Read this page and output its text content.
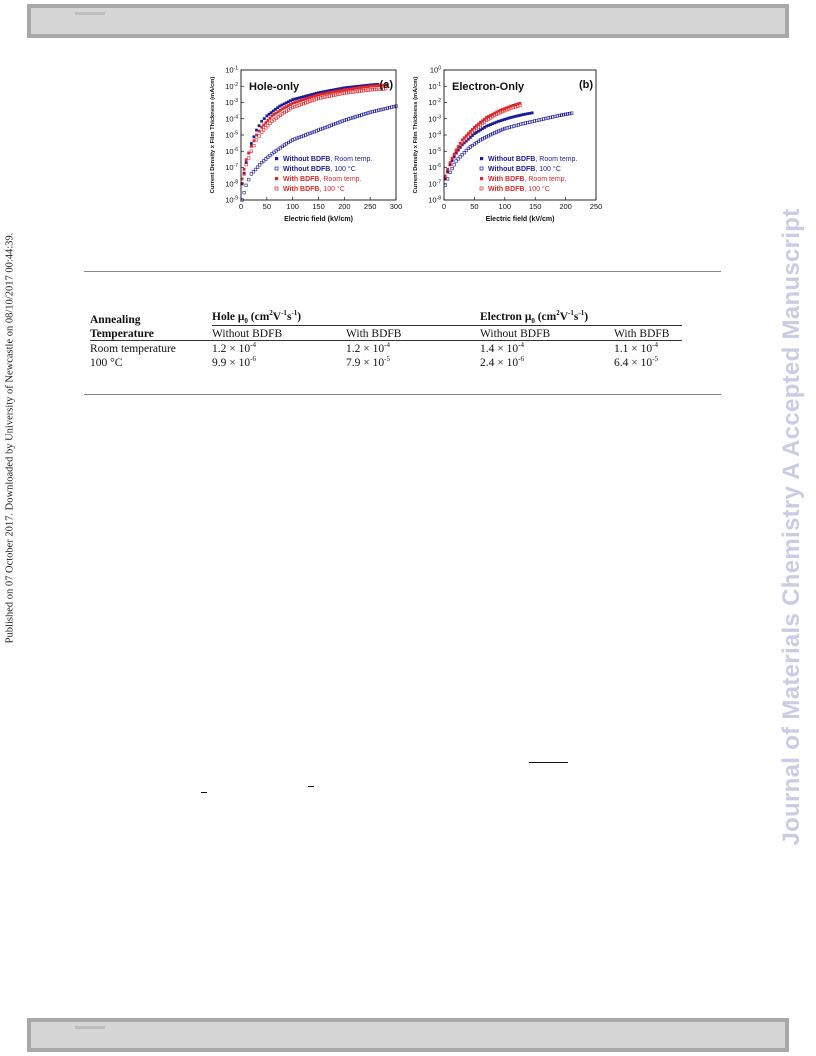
Published on 07 October 2017. Downloaded by University of Newcastle on 08/10/2017 00:44:39.	Journal of Materials Chemistry A Accepted Manuscript
Current Density x Film Thickness (mA/cm)
$10^{-9}$
$10^{-8}$
$10^{-7}$
$10^{-6}$
$10^{-5}$
$10^{-4}$
$10^{-3}$
$10^{-2}$
$10^{-1}$
0	50 100 150 200 250 300
Electric field (kV/cm)
Hole-only	(a)
Without BDFB, Room temp.
Without BDFB, 100 °C
With BDFB, Room temp.
With BDFB, 100 °C	Current Density x Film Thickness (mA/cm)
$10^{-8}$
$10^{-7}$
$10^{-6}$
$10^{-5}$
$10^{-4}$
$10^{-3}$
$10^{-2}$
$10^{-1}$
$10^0$
0	50	100 150 200 250
Electric field (kV/cm)
Electron-Only	(b)
Without BDFB, Room temp.
Without BDFB, 100 °C
With BDFB, Room temp.
With BDFB, 100 °C
Annealing	Hole $\mu_0$ $(cm^2V^{-1}s^{-1})$		Electron $\mu_0$ $(cm^2V^{-1}s^{-1})$	
Temperature	Without BDFB	With BDFB	Without BDFB	With BDFB
Room temperature	$1.2 \times 10^{-4}$	$1.2 \times 10^{-4}$	$1.4 \times 10^{-4}$	$1.1 \times 10^{-4}$
100 °C	$9.9 \times 10^{-6}$	$7.9 \times 10^{-5}$	$2.4 \times 10^{-6}$	$6.4 \times 10^{-5}$
